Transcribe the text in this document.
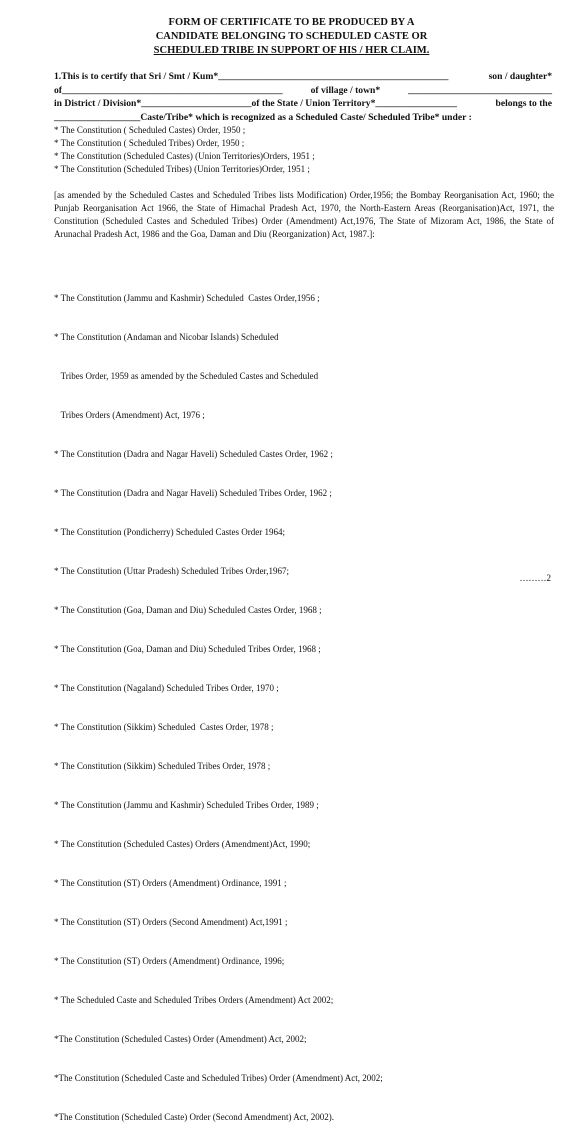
FORM OF CERTIFICATE TO BE PRODUCED BY A
CANDIDATE BELONGING TO SCHEDULED CASTE OR
SCHEDULED TRIBE IN SUPPORT OF HIS / HER CLAIM.
1.This is to certify that Sri / Smt / Kum* ________________________________________________	son / daughter*
of______________________________________________	of village / town*	______________________________
in District / Division* _______________________ of the State / Union Territory* _________________	belongs to the
__________________ Caste/Tribe* which is recognized as a Scheduled Caste/ Scheduled Tribe* under :
* The Constitution ( Scheduled Castes) Order, 1950 ;
* The Constitution ( Scheduled Tribes) Order, 1950 ;
* The Constitution (Scheduled Castes) (Union Territories)Orders, 1951 ;
* The Constitution (Scheduled Tribes) (Union Territories)Order, 1951 ;
[as amended by the Scheduled Castes and Scheduled Tribes lists Modification) Order,1956; the Bombay Reorganisation Act, 1960; the Punjab Reorganisation Act 1966, the State of Himachal Pradesh Act, 1970, the North-Eastern Areas (Reorganisation)Act, 1971, the Constitution (Scheduled Castes and Scheduled Tribes) Order (Amendment) Act,1976, The State of Mizoram Act, 1986, the State of Arunachal Pradesh Act, 1986 and the Goa, Daman and Diu (Reorganization) Act, 1987.]:

* The Constitution (Jammu and Kashmir) Scheduled  Castes Order,1956 ;

* The Constitution (Andaman and Nicobar Islands) Scheduled

Tribes Order, 1959 as amended by the Scheduled Castes and Scheduled

Tribes Orders (Amendment) Act, 1976 ;

* The Constitution (Dadra and Nagar Haveli) Scheduled Castes Order, 1962 ;

* The Constitution (Dadra and Nagar Haveli) Scheduled Tribes Order, 1962 ;

* The Constitution (Pondicherry) Scheduled Castes Order 1964;

* The Constitution (Uttar Pradesh) Scheduled Tribes Order,1967;

* The Constitution (Goa, Daman and Diu) Scheduled Castes Order, 1968 ;

* The Constitution (Goa, Daman and Diu) Scheduled Tribes Order, 1968 ;

* The Constitution (Nagaland) Scheduled Tribes Order, 1970 ;

* The Constitution (Sikkim) Scheduled  Castes Order, 1978 ;

* The Constitution (Sikkim) Scheduled Tribes Order, 1978 ;

* The Constitution (Jammu and Kashmir) Scheduled Tribes Order, 1989 ;

* The Constitution (Scheduled Castes) Orders (Amendment)Act, 1990;

* The Constitution (ST) Orders (Amendment) Ordinance, 1991 ;

* The Constitution (ST) Orders (Second Amendment) Act,1991 ;

* The Constitution (ST) Orders (Amendment) Ordinance, 1996;

* The Scheduled Caste and Scheduled Tribes Orders (Amendment) Act 2002;

*The Constitution (Scheduled Castes) Order (Amendment) Act, 2002;

*The Constitution (Scheduled Caste and Scheduled Tribes) Order (Amendment) Act, 2002;

*The Constitution (Scheduled Caste) Order (Second Amendment) Act, 2002).

………2
